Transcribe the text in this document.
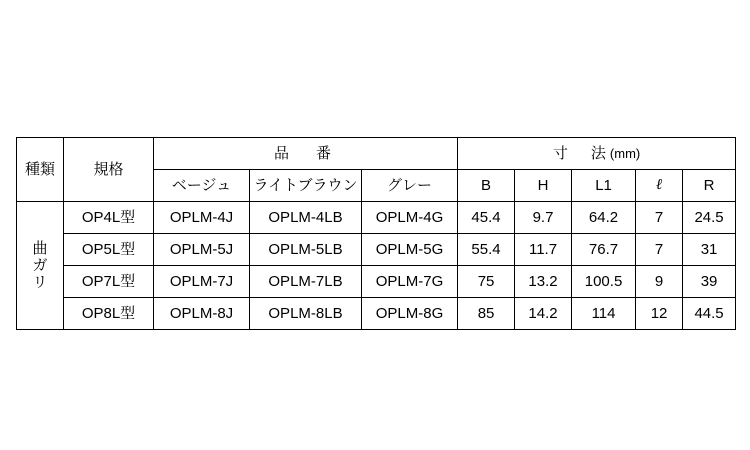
種類	規格	品　番			寸　法(mm)				
		ベージュ	ライトブラウン	グレー	B	H	L1	ℓ	R

曲
ガ
リ	OP4L型	OPLM-4J	OPLM-4LB	OPLM-4G	45.4	9.7	64.2	7	24.5
	OP5L型	OPLM-5J	OPLM-5LB	OPLM-5G	55.4	11.7	76.7	7	31
	OP7L型	OPLM-7J	OPLM-7LB	OPLM-7G	75	13.2	100.5	9	39
	OP8L型	OPLM-8J	OPLM-8LB	OPLM-8G	85	14.2	114	12	44.5
